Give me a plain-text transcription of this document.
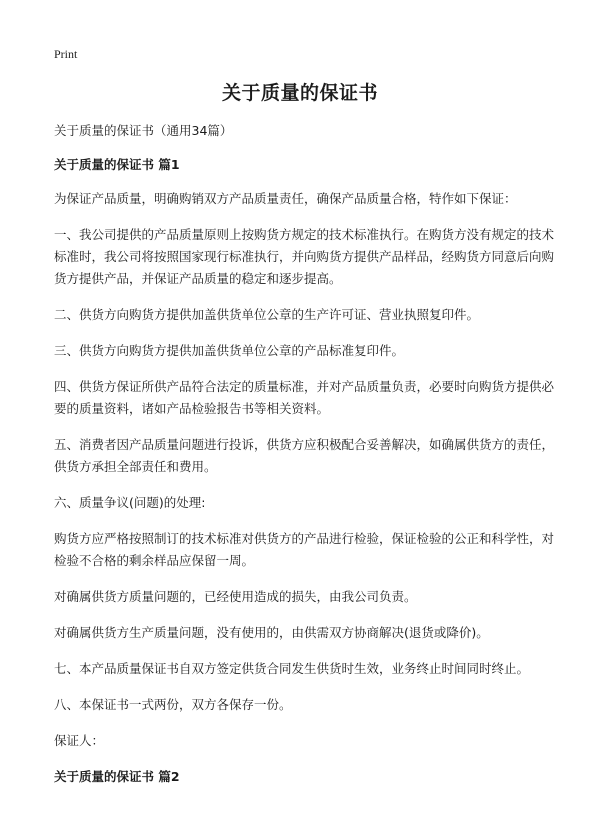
Print
关于质量的保证书

关于质量的保证书（通用34篇）

关于质量的保证书 篇1

为保证产品质量，明确购销双方产品质量责任，确保产品质量合格，特作如下保证：

一、我公司提供的产品质量原则上按购货方规定的技术标准执行。在购货方没有规定的技术标准时，我公司将按照国家现行标准执行，并向购货方提供产品样品，经购货方同意后向购货方提供产品，并保证产品质量的稳定和逐步提高。

二、供货方向购货方提供加盖供货单位公章的生产许可证、营业执照复印件。

三、供货方向购货方提供加盖供货单位公章的产品标准复印件。

四、供货方保证所供产品符合法定的质量标准，并对产品质量负责，必要时向购货方提供必要的质量资料，诸如产品检验报告书等相关资料。

五、消费者因产品质量问题进行投诉，供货方应积极配合妥善解决，如确属供货方的责任，供货方承担全部责任和费用。

六、质量争议(问题)的处理:

购货方应严格按照制订的技术标准对供货方的产品进行检验，保证检验的公正和科学性，对检验不合格的剩余样品应保留一周。

对确属供货方质量问题的，已经使用造成的损失，由我公司负责。

对确属供货方生产质量问题，没有使用的，由供需双方协商解决(退货或降价)。

七、本产品质量保证书自双方签定供货合同发生供货时生效，业务终止时间同时终止。

八、本保证书一式两份，双方各保存一份。

保证人：

关于质量的保证书 篇2
